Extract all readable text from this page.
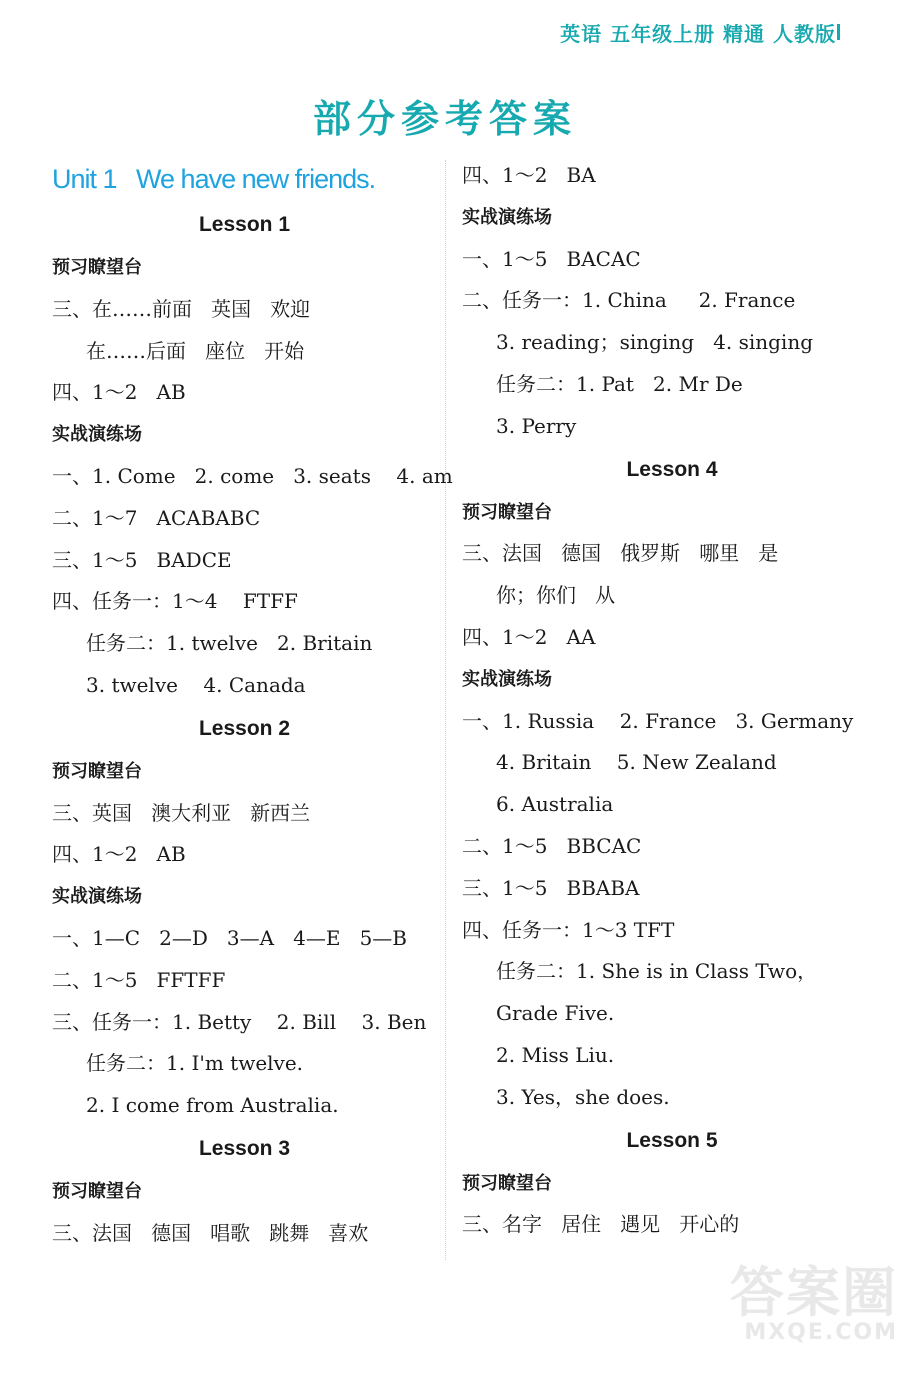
英语 五年级上册 精通 人教版
部分参考答案
Unit 1   We have new friends.
Lesson 1
预习瞭望台
三、在……前面   英国   欢迎
在……后面   座位   开始
四、1～2   AB
实战演练场
一、1. Come   2. come   3. seats    4. am
二、1～7   ACABABC
三、1～5   BADCE
四、任务一：1～4    FTFF
任务二：1. twelve   2. Britain
3. twelve    4. Canada
Lesson 2
预习瞭望台
三、英国   澳大利亚   新西兰
四、1～2   AB
实战演练场
一、1—C   2—D   3—A   4—E   5—B
二、1～5   FFTFF
三、任务一：1. Betty    2. Bill    3. Ben
任务二：1. I'm twelve.
2. I come from Australia.
Lesson 3
预习瞭望台
三、法国   德国   唱歌   跳舞   喜欢
四、1～2   BA
实战演练场
一、1～5   BACAC
二、任务一：1. China     2. France
3. reading；singing   4. singing
任务二：1. Pat   2. Mr De
3. Perry
Lesson 4
预习瞭望台
三、法国   德国   俄罗斯   哪里   是
你；你们   从
四、1～2   AA
实战演练场
一、1. Russia    2. France   3. Germany
4. Britain    5. New Zealand
6. Australia
二、1～5   BBCAC
三、1～5   BBABA
四、任务一：1～3 TFT
任务二：1. She is in Class Two，
Grade Five.
2. Miss Liu.
3. Yes，she does.
Lesson 5
预习瞭望台
三、名字   居住   遇见   开心的
答案圈
MXQE.COM
